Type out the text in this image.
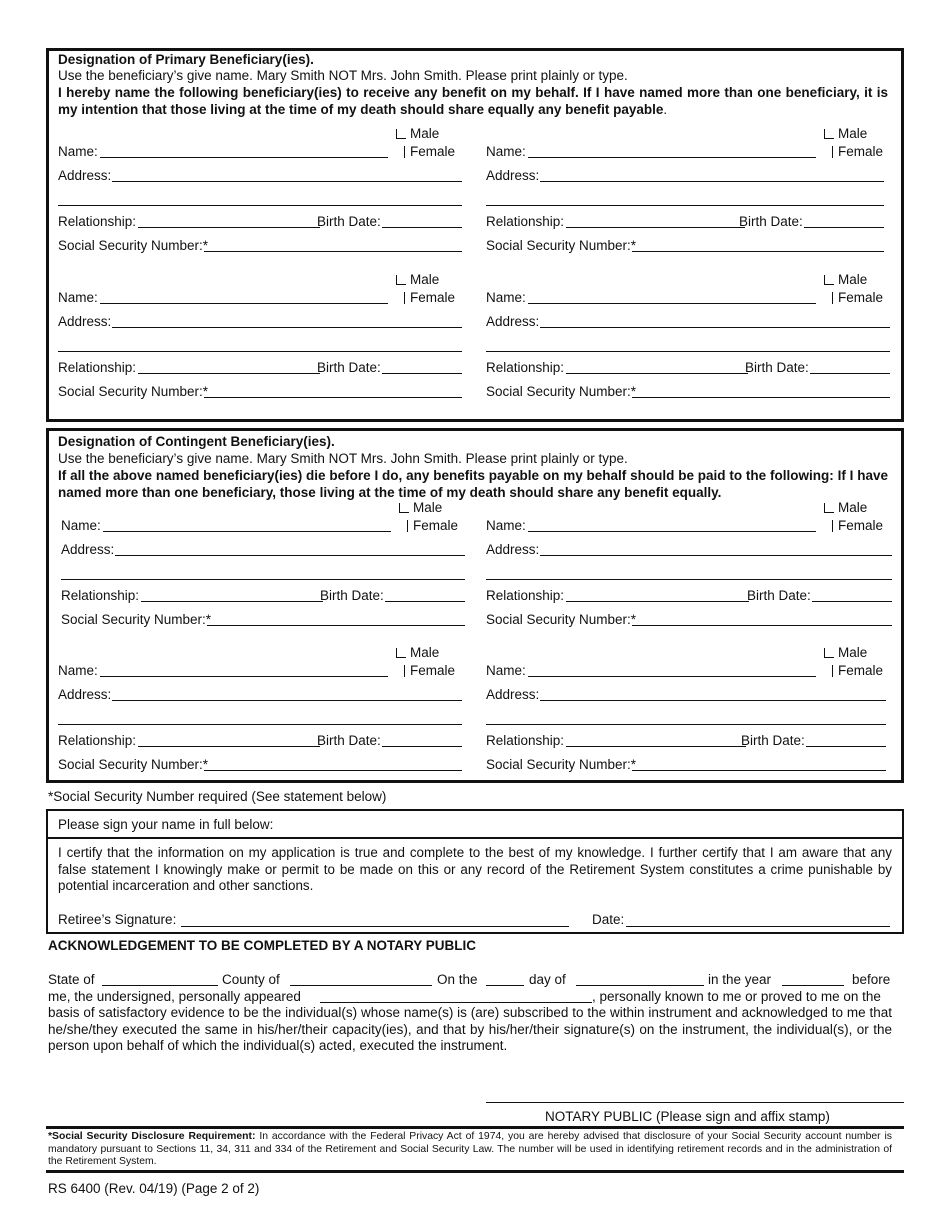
Designation of Primary Beneficiary(ies).
Use the beneficiary’s give name. Mary Smith NOT Mrs. John Smith. Please print plainly or type.
I hereby name the following beneficiary(ies) to receive any benefit on my behalf. If I have named more than one beneficiary, it is my intention that those living at the time of my death should share equally any benefit payable.
Male
Female
Name:
Address:
Relationship:	Birth Date:
Social Security Number:*
Male
Female
Name:
Address:
Relationship:	Birth Date:
Social Security Number:*
Male
Female
Name:
Address:
Relationship:	Birth Date:
Social Security Number:*
Male
Female
Name:
Address:
Relationship:	Birth Date:
Social Security Number:*
Designation of Contingent Beneficiary(ies).
Use the beneficiary’s give name. Mary Smith NOT Mrs. John Smith. Please print plainly or type.
If all the above named beneficiary(ies) die before I do, any benefits payable on my behalf should be paid to the following: If I have named more than one beneficiary, those living at the time of my death should share any benefit equally.
Male
Female
Name:
Address:
Relationship:	Birth Date:
Social Security Number:*
Male
Female
Name:
Address:
Relationship:	Birth Date:
Social Security Number:*
Male
Female
Name:
Address:
Relationship:	Birth Date:
Social Security Number:*
Male
Female
Name:
Address:
Relationship:	Birth Date:
Social Security Number:*
*Social Security Number required (See statement below)
Please sign your name in full below:
I certify that the information on my application is true and complete to the best of my knowledge. I further certify that I am aware that any false statement I knowingly make or permit to be made on this or any record of the Retirement System constitutes a crime punishable by potential incarceration and other sanctions.
Retiree’s Signature:	Date:
ACKNOWLEDGEMENT TO BE COMPLETED BY A NOTARY PUBLIC
State of	County of	On the	day of	in the year	before
me, the undersigned, personally appeared	, personally known to me or proved to me on the
basis of satisfactory evidence to be the individual(s) whose name(s) is (are) subscribed to the within instrument and acknowledged to me that he/she/they executed the same in his/her/their capacity(ies), and that by his/her/their signature(s) on the instrument, the individual(s), or the person upon behalf of which the individual(s) acted, executed the instrument.
NOTARY PUBLIC (Please sign and affix stamp)
*Social Security Disclosure Requirement: In accordance with the Federal Privacy Act of 1974, you are hereby advised that disclosure of your Social Security account number is mandatory pursuant to Sections 11, 34, 311 and 334 of the Retirement and Social Security Law. The number will be used in identifying retirement records and in the administration of the Retirement System.
RS 6400 (Rev. 04/19) (Page 2 of 2)
